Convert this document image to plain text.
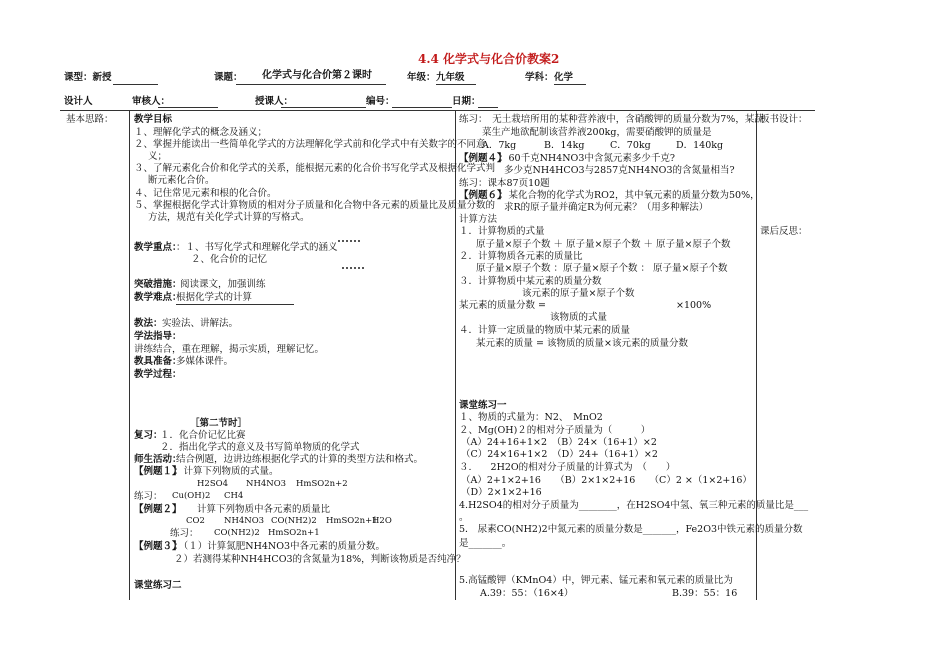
4.4 化学式与化合价教案2
课型：新授	课题： 化学式与化合价第２课时	年级： 九年级	学科： 化学
设计人	审核人：	授课人：	编号：	日期：
基本思路：	板书设计：
课后反思：
教学目标
１、理解化学式的概念及涵义；
２、掌握并能读出一些简单化学式的方法理解化学式前和化学式中有关数字的不同意
义；
３、了解元素化合价和化学式的关系，能根据元素的化合价书写化学式及根据化学式判
断元素化合价。
４、记住常见元素和根的化合价。
５、掌握根据化学式计算物质的相对分子质量和化合物中各元素的质量比及质量分数的
方法，规范有关化学式计算的写格式。
教学重点：
：１、书写化学式和理解化学式的涵义
２、化合价的记忆
突破措施：
阅读课文，加强训练
教学难点：
根据化学式的计算
教法： 实验法、讲解法。
学法指导：
讲练结合，重在理解，揭示实质，理解记忆。
教具准备：
多媒体课件。
教学过程：
［第二节时］
复习：
１．化合价记忆比赛
２．指出化学式的意义及书写简单物质的化学式
师生活动：
结合例题，边讲边练根据化学式的计算的类型方法和格式。
【例题１】
：计算下列物质的式量。
H2SO4 NH4NO3 HmSO2n+2
练习： Cu(OH)2 CH4
【例题２】 计算下列物质中各元素的质量比
CO2 NH4NO3 CO(NH2)2 HmSO2n+1
H2O
练习： CO(NH2)2 HmSO2n+1
【例题３】
：（１）计算氮肥NH4NO3中各元素的质量分数。
２）若测得某种NH4HCO3的含氮量为18%，判断该物质是否纯净？
课堂练习二
练习：　无土栽培所用的某种营养液中，含硝酸钾的质量分数为7%，某蔬
菜生产地欲配制该营养液200kg，需要硝酸钾的质量是
A．7kg	B．14kg	C．70kg	D．140kg
【例题４】
：60千克NH4NO3中含氮元素多少千克?
多少克NH4HCO3与2857克NH4NO3的含氮量相当?
练习：课本87页10题
【例题６】
：某化合物的化学式为RO2，其中氧元素的质量分数为50%，
求R的原子量并确定R为何元素？（用多种解法）
计算方法
１．计算物质的式量
原子量×原子个数 ＋ 原子量×原子个数 ＋ 原子量×原子个数
２．计算物质各元素的质量比
原子量×原子个数 ：原子量×原子个数 ： 原子量×原子个数
３．计算物质中某元素的质量分数
该元素的原子量×原子个数
某元素的质量分数 =	×100%
该物质的式量
４．计算一定质量的物质中某元素的质量
某元素的质量 = 该物质的质量×该元素的质量分数
课堂练习一
１、物质的式量为：N2、　MnO2
２、Mg(OH)２的相对分子质量为（　　　）
（A）24+16+1×2　（B）24×（16+1）×2
（C）24×16+1×2　（D）24+（16+1）×2
３.　　2H2O的相对分子质量的计算式为　（　　）
（A）2+1×2+16　　（B）2×1×2+16　　（C）2 ×（1×2+16）
（D）2×1×2+16
4.H2SO4的相对分子质量为________，在H2SO4中氢、氧三种元素的质量比是___
。
5． 尿素CO(NH2)2中氮元素的质量分数是_______，Fe2O3中铁元素的质量分数
是_______。
5.高锰酸钾（KMnO4）中，钾元素、锰元素和氧元素的质量比为
A.39：55：（16×4）	B.39：55：16
